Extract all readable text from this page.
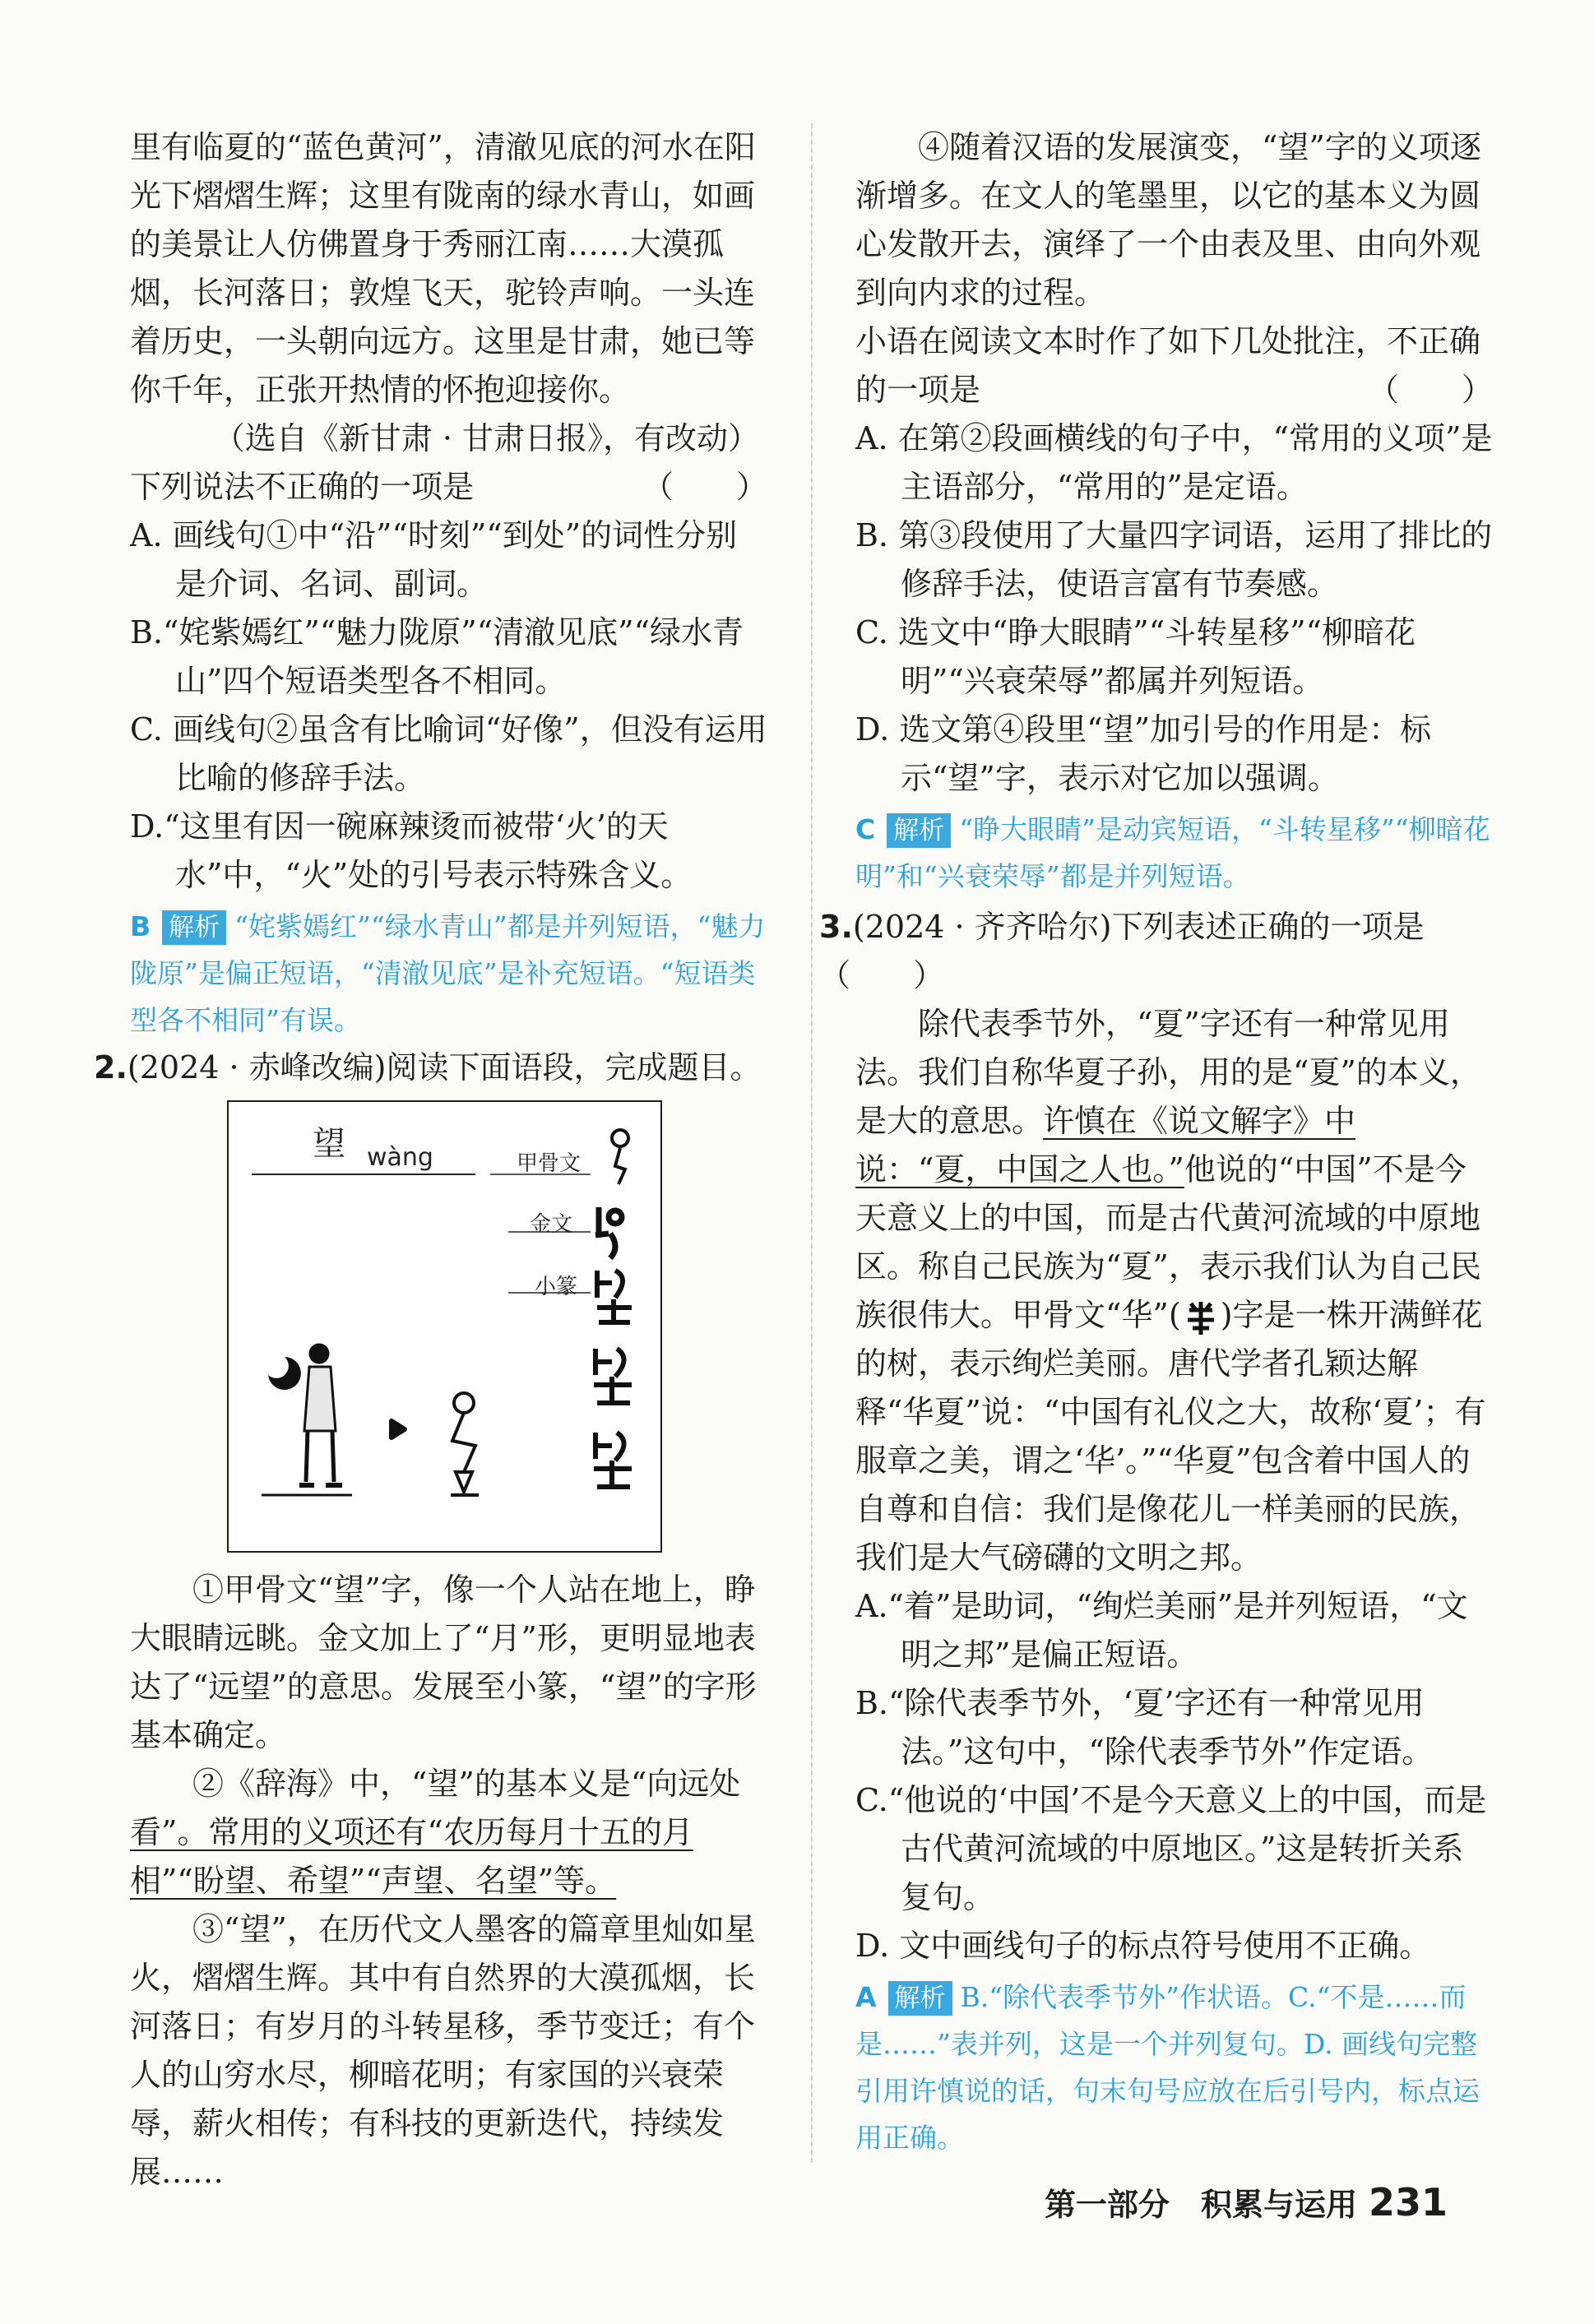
里有临夏的“蓝色黄河”，清澈见底的河水在阳光下熠熠生辉；这里有陇南的绿水青山，如画的美景让人仿佛置身于秀丽江南……大漠孤烟，长河落日；敦煌飞天，驼铃声响。一头连着历史，一头朝向远方。这里是甘肃，她已等你千年，正张开热情的怀抱迎接你。

（选自《新甘肃 · 甘肃日报》，有改动）

下列说法不正确的一项是	（　　）

A. 画线句①中“沿”“时刻”“到处”的词性分别是介词、名词、副词。

B.“姹紫嫣红”“魅力陇原”“清澈见底”“绿水青山”四个短语类型各不相同。

C. 画线句②虽含有比喻词“好像”，但没有运用比喻的修辞手法。

D.“这里有因一碗麻辣烫而被带‘火’的天水”中，“火”处的引号表示特殊含义。

B 解析 “姹紫嫣红”“绿水青山”都是并列短语，“魅力陇原”是偏正短语，“清澈见底”是补充短语。“短语类型各不相同”有误。

2.(2024 · 赤峰改编)阅读下面语段，完成题目。

望 wàng	甲骨文
金文
小篆

①甲骨文“望”字，像一个人站在地上，睁大眼睛远眺。金文加上了“月”形，更明显地表达了“远望”的意思。发展至小篆，“望”的字形基本确定。

②《辞海》中，“望”的基本义是“向远处看”。常用的义项还有“农历每月十五的月相”“盼望、希望”“声望、名望”等。

③“望”，在历代文人墨客的篇章里灿如星火，熠熠生辉。其中有自然界的大漠孤烟，长河落日；有岁月的斗转星移，季节变迁；有个人的山穷水尽，柳暗花明；有家国的兴衰荣辱，薪火相传；有科技的更新迭代，持续发展……

④随着汉语的发展演变，“望”字的义项逐渐增多。在文人的笔墨里，以它的基本义为圆心发散开去，演绎了一个由表及里、由向外观到向内求的过程。

小语在阅读文本时作了如下几处批注，不正确的一项是	（　　）

A. 在第②段画横线的句子中，“常用的义项”是主语部分，“常用的”是定语。

B. 第③段使用了大量四字词语，运用了排比的修辞手法，使语言富有节奏感。

C. 选文中“睁大眼睛”“斗转星移”“柳暗花明”“兴衰荣辱”都属并列短语。

D. 选文第④段里“望”加引号的作用是：标示“望”字，表示对它加以强调。

C 解析 “睁大眼睛”是动宾短语，“斗转星移”“柳暗花明”和“兴衰荣辱”都是并列短语。

3.(2024 · 齐齐哈尔)下列表述正确的一项是（　　）

除代表季节外，“夏”字还有一种常见用法。我们自称华夏子孙，用的是“夏”的本义，是大的意思。许慎在《说文解字》中说：“夏，中国之人也。”他说的“中国”不是今天意义上的中国，而是古代黄河流域的中原地区。称自己民族为“夏”，表示我们认为自己民族很伟大。甲骨文“华”( )字是一株开满鲜花的树，表示绚烂美丽。唐代学者孔颖达解释“华夏”说：“中国有礼仪之大，故称‘夏’；有服章之美，谓之‘华’。”“华夏”包含着中国人的自尊和自信：我们是像花儿一样美丽的民族，我们是大气磅礴的文明之邦。

A.“着”是助词，“绚烂美丽”是并列短语，“文明之邦”是偏正短语。

B.“除代表季节外，‘夏’字还有一种常见用法。”这句中，“除代表季节外”作定语。

C.“他说的‘中国’不是今天意义上的中国，而是古代黄河流域的中原地区。”这是转折关系复句。

D. 文中画线句子的标点符号使用不正确。

A 解析 B.“除代表季节外”作状语。C.“不是……而是……”表并列，这是一个并列复句。D. 画线句完整引用许慎说的话，句末句号应放在后引号内，标点运用正确。

第一部分　积累与运用 231
